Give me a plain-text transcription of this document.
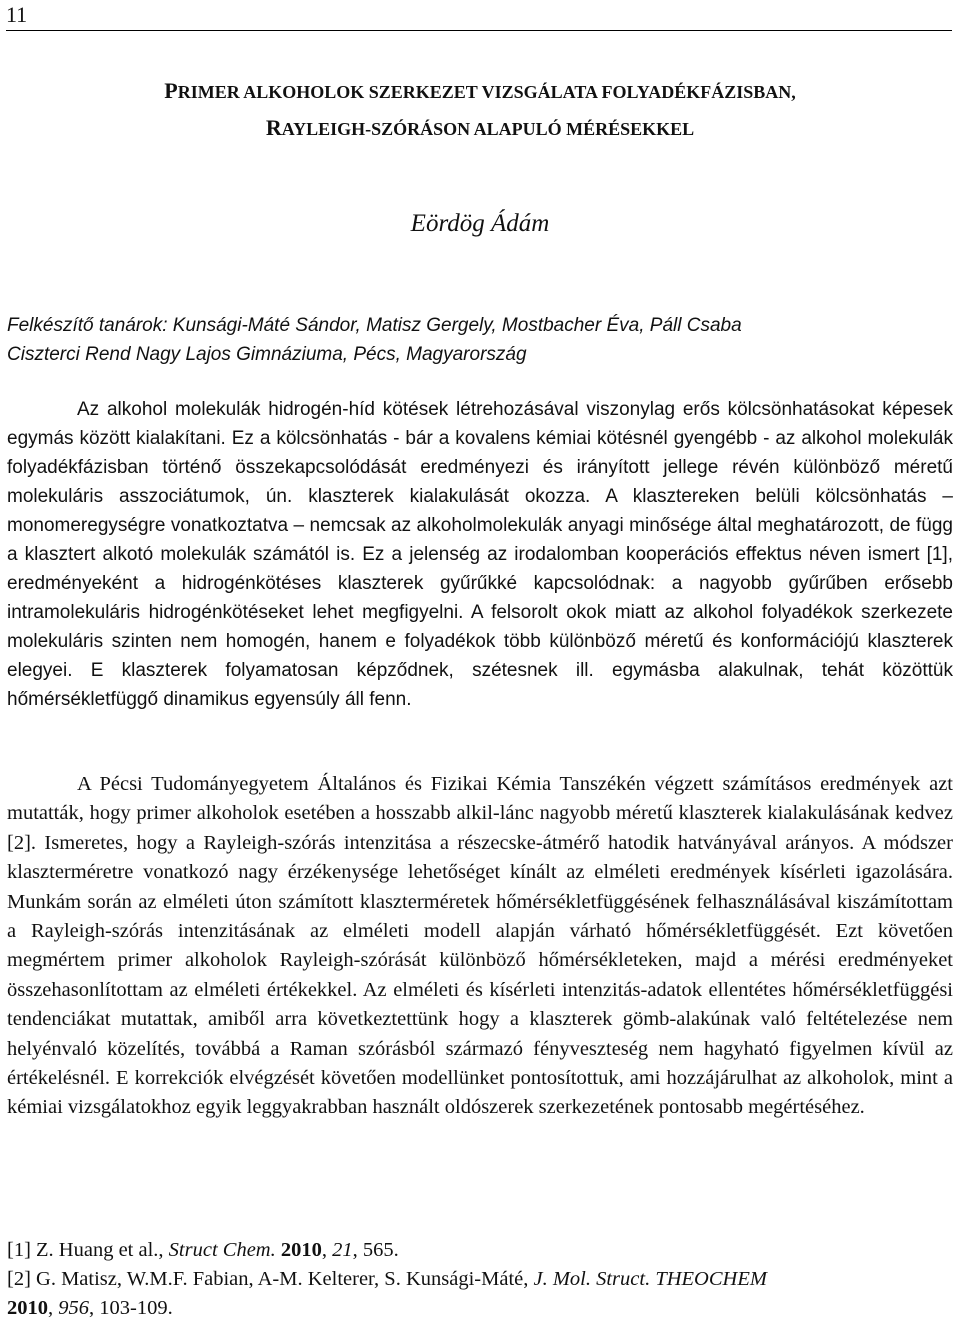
11
PRIMER ALKOHOLOK SZERKEZET VIZSGÁLATA FOLYADÉKFÁZISBAN,
RAYLEIGH-SZÓRÁSON ALAPULÓ MÉRÉSEKKEL
Eördög Ádám
Felkészítő tanárok: Kunsági-Máté Sándor, Matisz Gergely, Mostbacher Éva, Páll Csaba
Ciszterci Rend Nagy Lajos Gimnáziuma, Pécs, Magyarország

Az alkohol molekulák hidrogén-híd kötések létrehozásával viszonylag erős kölcsönhatásokat képesek egymás között kialakítani. Ez a kölcsönhatás - bár a kovalens kémiai kötésnél gyengébb - az alkohol molekulák folyadékfázisban történő összekapcsolódását eredményezi és irányított jellege révén különböző méretű molekuláris asszociátumok, ún. klaszterek kialakulását okozza. A klasztereken belüli kölcsönhatás – monomeregységre vonatkoztatva – nemcsak az alkoholmolekulák anyagi minősége által meghatározott, de függ a klasztert alkotó molekulák számától is. Ez a jelenség az irodalomban kooperációs effektus néven ismert [1], eredményeként a hidrogénkötéses klaszterek gyűrűkké kapcsolódnak: a nagyobb gyűrűben erősebb intramolekuláris hidrogénkötéseket lehet megfigyelni. A felsorolt okok miatt az alkohol folyadékok szerkezete molekuláris szinten nem homogén, hanem e folyadékok több különböző méretű és konformációjú klaszterek elegyei. E klaszterek folyamatosan képződnek, szétesnek ill. egymásba alakulnak, tehát közöttük hőmérsékletfüggő dinamikus egyensúly áll fenn.

A Pécsi Tudományegyetem Általános és Fizikai Kémia Tanszékén végzett számításos eredmények azt mutatták, hogy primer alkoholok esetében a hosszabb alkil-lánc nagyobb méretű klaszterek kialakulásának kedvez [2]. Ismeretes, hogy a Rayleigh-szórás intenzitása a részecske-átmérő hatodik hatványával arányos. A módszer klaszterméretre vonatkozó nagy érzékenysége lehetőséget kínált az elméleti eredmények kísérleti igazolására. Munkám során az elméleti úton számított klaszterméretek hőmérsékletfüggésének felhasználásával kiszámítottam a Rayleigh-szórás intenzitásának az elméleti modell alapján várható hőmérsékletfüggését. Ezt követően megmértem primer alkoholok Rayleigh-szórását különböző hőmérsékleteken, majd a mérési eredményeket összehasonlítottam az elméleti értékekkel. Az elméleti és kísérleti intenzitás-adatok ellentétes hőmérsékletfüggési tendenciákat mutattak, amiből arra következtettünk hogy a klaszterek gömb-alakúnak való feltételezése nem helyénvaló közelítés, továbbá a Raman szórásból származó fényveszteség nem hagyható figyelmen kívül az értékelésnél. E korrekciók elvégzését követően modellünket pontosítottuk, ami hozzájárulhat az alkoholok, mint a kémiai vizsgálatokhoz egyik leggyakrabban használt oldószerek szerkezetének pontosabb megértéséhez.

[1] Z. Huang et al., Struct Chem. 2010, 21, 565.
[2] G. Matisz, W.M.F. Fabian, A-M. Kelterer, S. Kunsági-Máté, J. Mol. Struct. THEOCHEM
2010, 956, 103-109.
